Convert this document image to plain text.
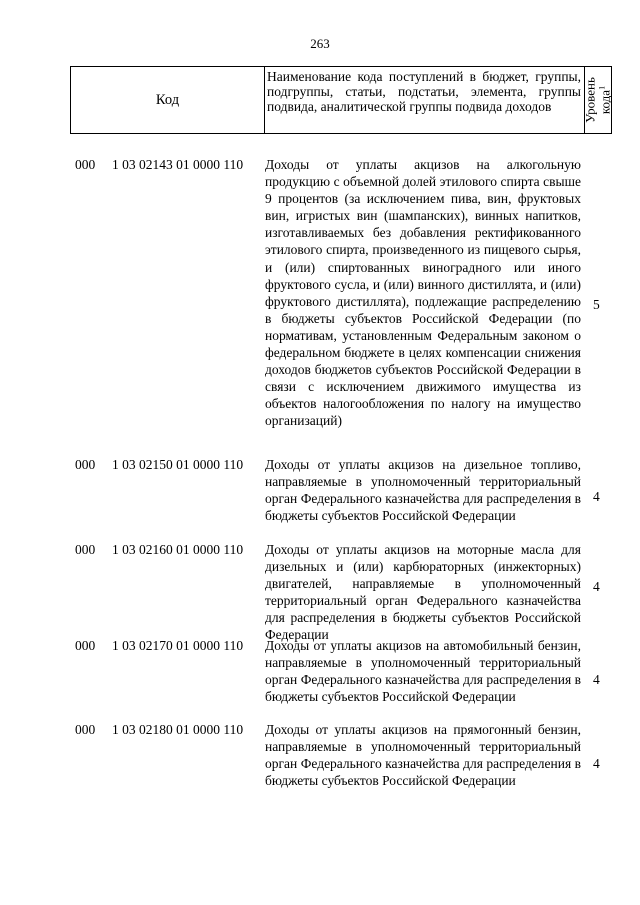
263
Код
Наименование кода поступлений в бюджет, группы, подгруппы, статьи, подстатьи, элемента, группы подвида, аналитической группы подвида доходов	Уровень
кода$^1$
000 1 03 02143 01 0000 110 Доходы от уплаты акцизов на алкогольную продукцию с объемной долей этилового спирта свыше 9 процентов (за исключением пива, вин, фруктовых вин, игристых вин (шампанских), винных напитков, изготавливаемых без добавления ректификованного этилового спирта, произведенного из пищевого сырья, и (или) спиртованных виноградного или иного фруктового сусла, и (или) винного дистиллята, и (или) фруктового дистиллята), подлежащие распределению в бюджеты субъектов Российской Федерации (по нормативам, установленным Федеральным законом о федеральном бюджете в целях компенсации снижения доходов бюджетов субъектов Российской Федерации в связи с исключением движимого имущества из объектов налогообложения по налогу на имущество организаций)
5
000 1 03 02150 01 0000 110 Доходы от уплаты акцизов на дизельное топливо, направляемые в уполномоченный территориальный орган Федерального казначейства для распределения в бюджеты субъектов Российской Федерации
4
000 1 03 02160 01 0000 110 Доходы от уплаты акцизов на моторные масла для дизельных и (или) карбюраторных (инжекторных) двигателей, направляемые в уполномоченный территориальный орган Федерального казначейства для распределения в бюджеты субъектов Российской Федерации
4
000 1 03 02170 01 0000 110 Доходы от уплаты акцизов на автомобильный бензин, направляемые в уполномоченный территориальный орган Федерального казначейства для распределения в бюджеты субъектов Российской Федерации
4
000 1 03 02180 01 0000 110 Доходы от уплаты акцизов на прямогонный бензин, направляемые в уполномоченный территориальный орган Федерального казначейства для распределения в бюджеты субъектов Российской Федерации
4
